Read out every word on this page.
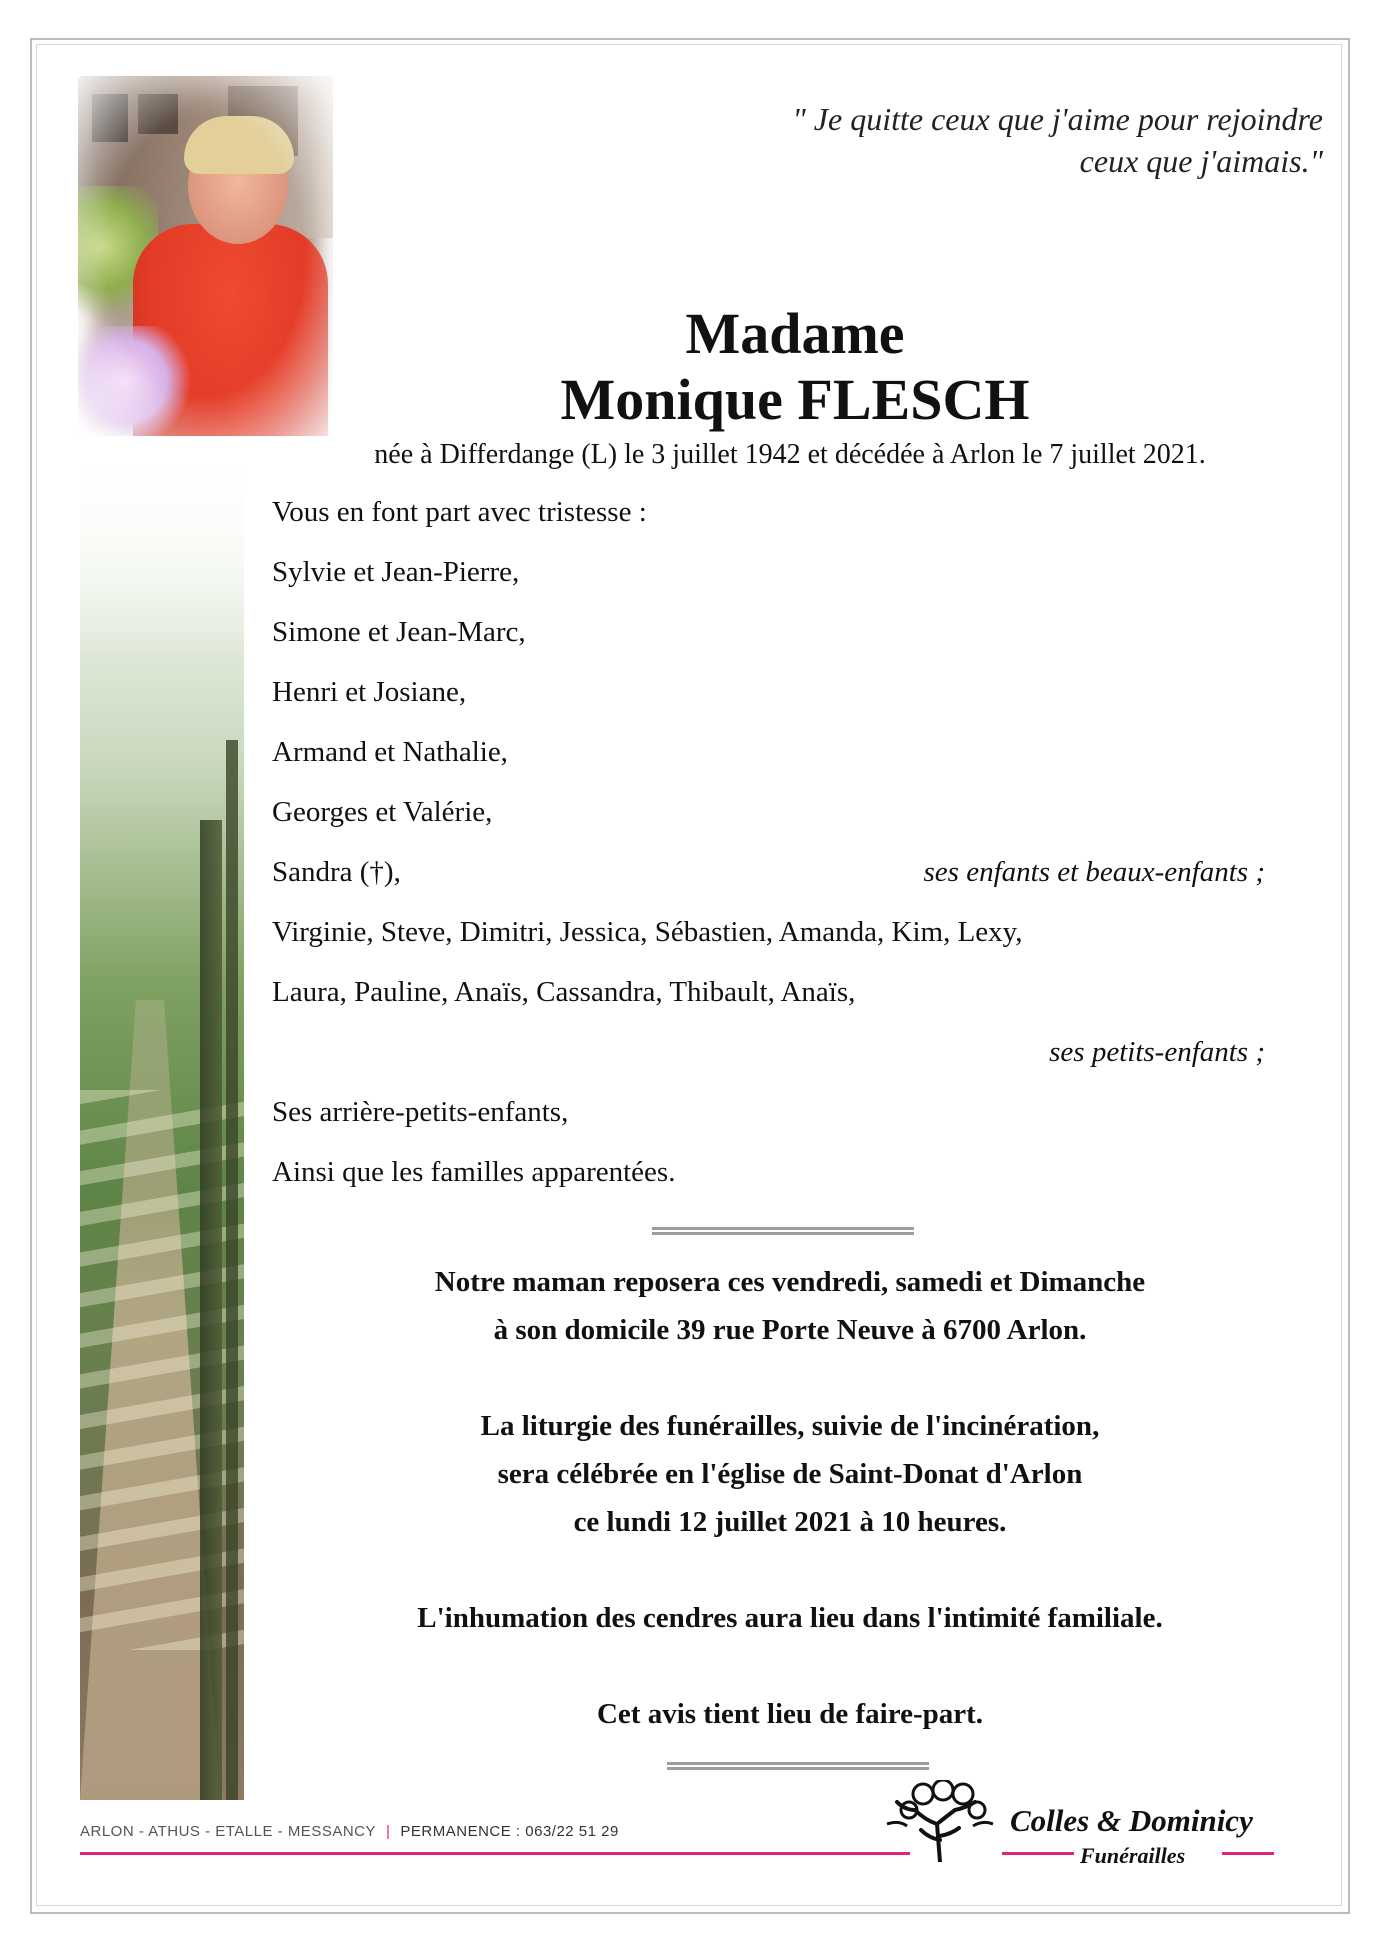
" Je quitte ceux que j'aime pour rejoindre
ceux que j'aimais."
Madame
Monique FLESCH
née à Differdange (L) le 3 juillet 1942 et décédée à Arlon le 7 juillet 2021.
Vous en font part avec tristesse :
Sylvie et Jean-Pierre,
Simone et Jean-Marc,
Henri et Josiane,
Armand et Nathalie,
Georges et Valérie,
Sandra (†),	ses enfants et beaux-enfants ;
Virginie, Steve, Dimitri, Jessica, Sébastien, Amanda, Kim, Lexy,
Laura, Pauline, Anaïs, Cassandra, Thibault, Anaïs,
ses petits-enfants ;
Ses arrière-petits-enfants,
Ainsi que les familles apparentées.
Notre maman reposera ces vendredi, samedi et Dimanche
à son domicile 39 rue Porte Neuve à 6700 Arlon.
La liturgie des funérailles, suivie de l'incinération,
sera célébrée en l'église de Saint-Donat d'Arlon
ce lundi 12 juillet 2021 à 10 heures.
L'inhumation des cendres aura lieu dans l'intimité familiale.
Cet avis tient lieu de faire-part.
ARLON - ATHUS - ETALLE - MESSANCY | PERMANENCE : 063/22 51 29	Colles & Dominicy
Funérailles
